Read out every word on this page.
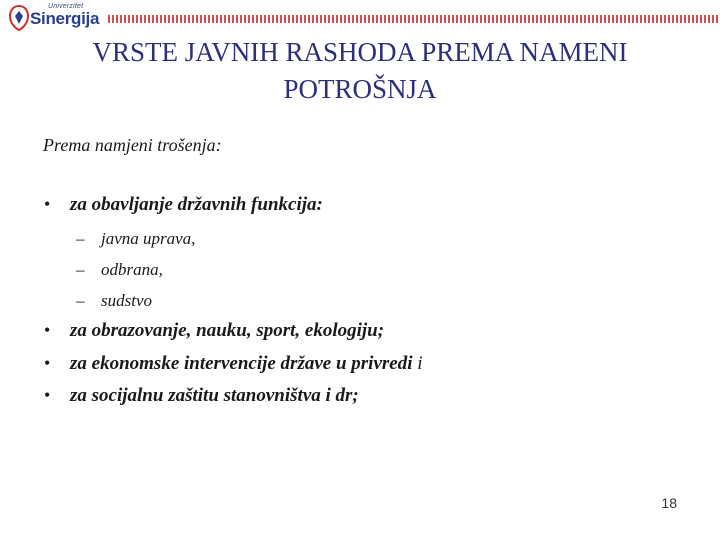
Univerzitet
Sinergija
VRSTE JAVNIH RASHODA PREMA NAMENI
POTROŠNJA
Prema namjeni trošenja:
• za obavljanje državnih funkcija:
– javna uprava,
– odbrana,
– sudstvo
• za obrazovanje, nauku, sport, ekologiju;
• za ekonomske intervencije države u privredi i
• za socijalnu zaštitu stanovništva i dr;
18
